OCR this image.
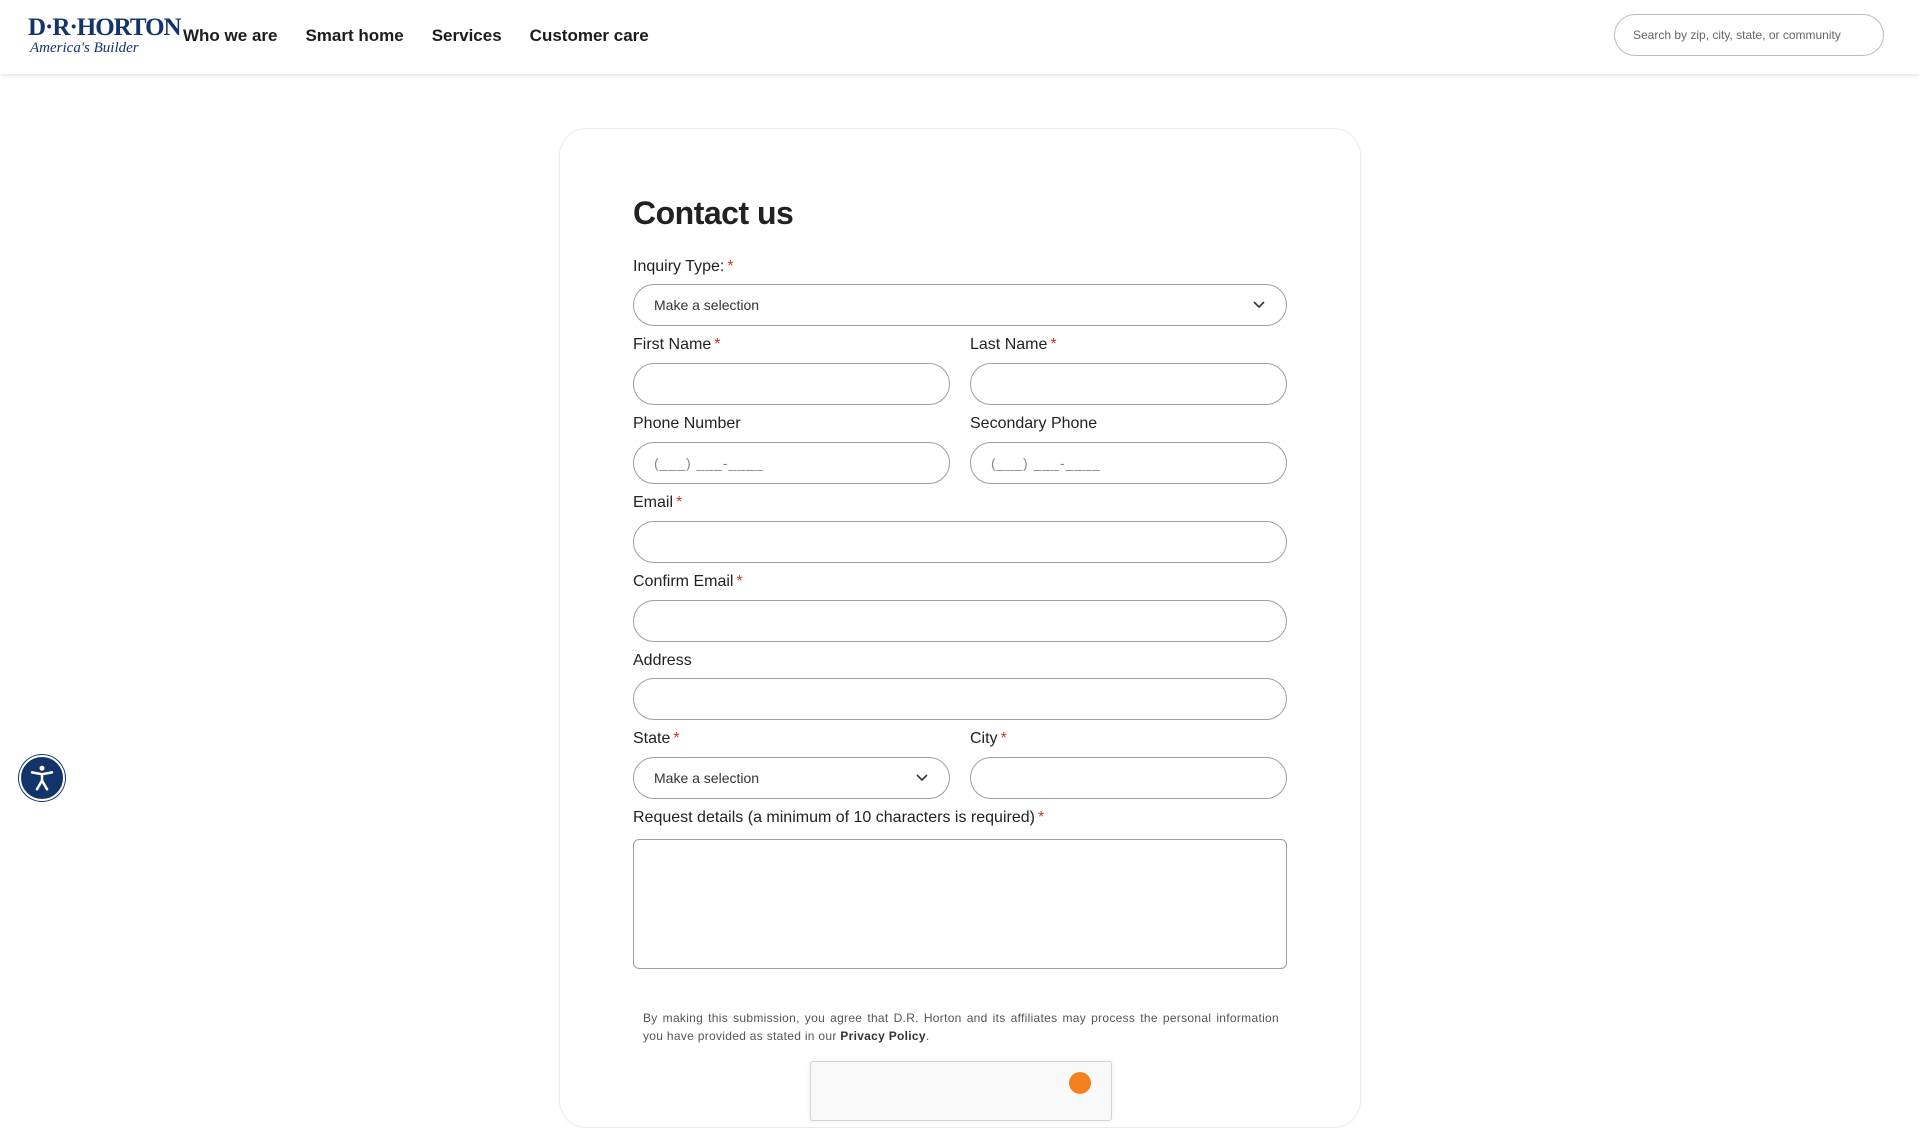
D·R·HORTON
America's Builder
Who we are Smart home Services Customer care
Search by zip, city, state, or community
Contact us
Inquiry Type: *
Make a selection
First Name *	Last Name *
Phone Number
(___) ___-____	Secondary Phone
(___) ___-____
Email *
Confirm Email *
Address
State *
Make a selection
City *
Request details (a minimum of 10 characters is required) *

By making this submission, you agree that D.R. Horton and its affiliates may process the personal information you have provided as stated in our Privacy Policy.
